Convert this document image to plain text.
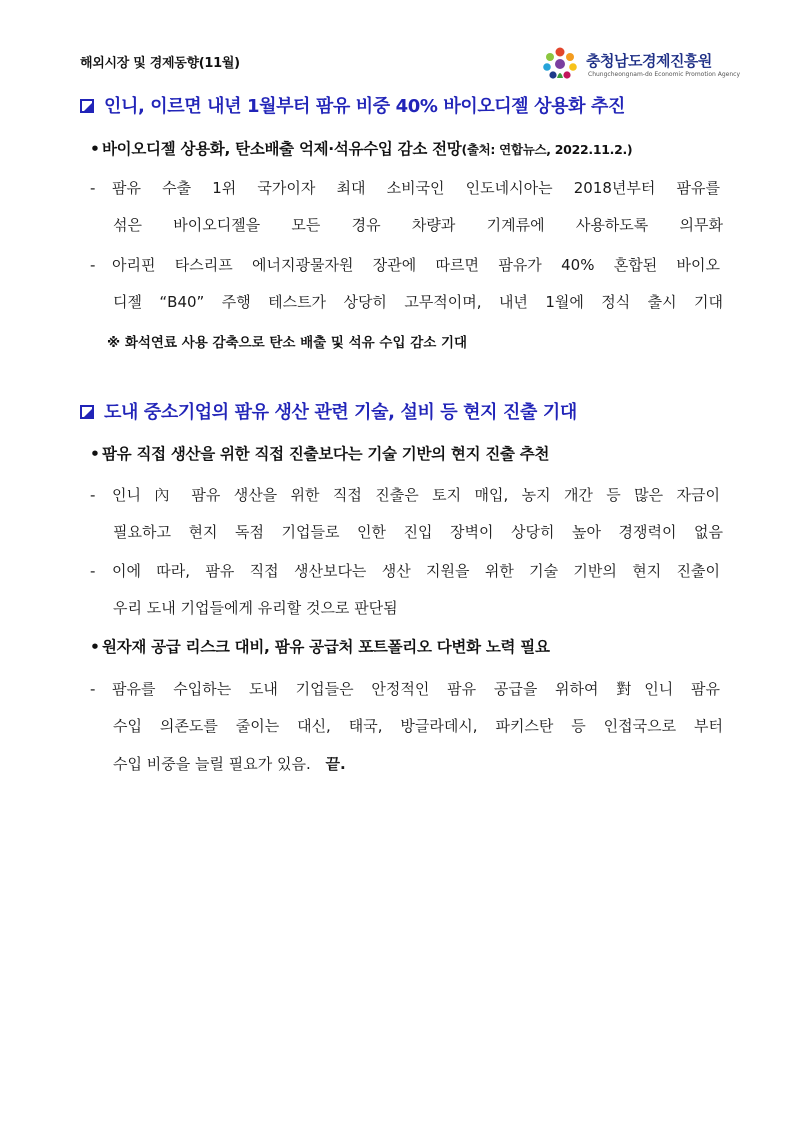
해외시장 및 경제동향(11월)	충청남도경제진흥원
Chungcheongnam-do Economic Promotion Agency
인니, 이르면 내년 1월부터 팜유 비중 40% 바이오디젤 상용화 추진
• 바이오디젤 상용화, 탄소배출 억제·석유수입 감소 전망(출처: 연합뉴스, 2022.11.2.)
- 팜유 수출 1위 국가이자 최대 소비국인 인도네시아는 2018년부터 팜유를
섞은 바이오디젤을 모든 경유 차량과 기계류에 사용하도록 의무화
- 아리핀 타스리프 에너지광물자원 장관에 따르면 팜유가 40% 혼합된 바이오
디젤 “B40” 주행 테스트가 상당히 고무적이며, 내년 1월에 정식 출시 기대
※ 화석연료 사용 감축으로 탄소 배출 및 석유 수입 감소 기대
도내 중소기업의 팜유 생산 관련 기술, 설비 등 현지 진출 기대
• 팜유 직접 생산을 위한 직접 진출보다는 기술 기반의 현지 진출 추천
- 인니 內 팜유 생산을 위한 직접 진출은 토지 매입, 농지 개간 등 많은 자금이
필요하고 현지 독점 기업들로 인한 진입 장벽이 상당히 높아 경쟁력이 없음
- 이에 따라, 팜유 직접 생산보다는 생산 지원을 위한 기술 기반의 현지 진출이
우리 도내 기업들에게 유리할 것으로 판단됨
• 원자재 공급 리스크 대비, 팜유 공급처 포트폴리오 다변화 노력 필요
- 팜유를 수입하는 도내 기업들은 안정적인 팜유 공급을 위하여 對인니 팜유
수입 의존도를 줄이는 대신, 태국, 방글라데시, 파키스탄 등 인접국으로 부터
수입 비중을 늘릴 필요가 있음. 끝.
